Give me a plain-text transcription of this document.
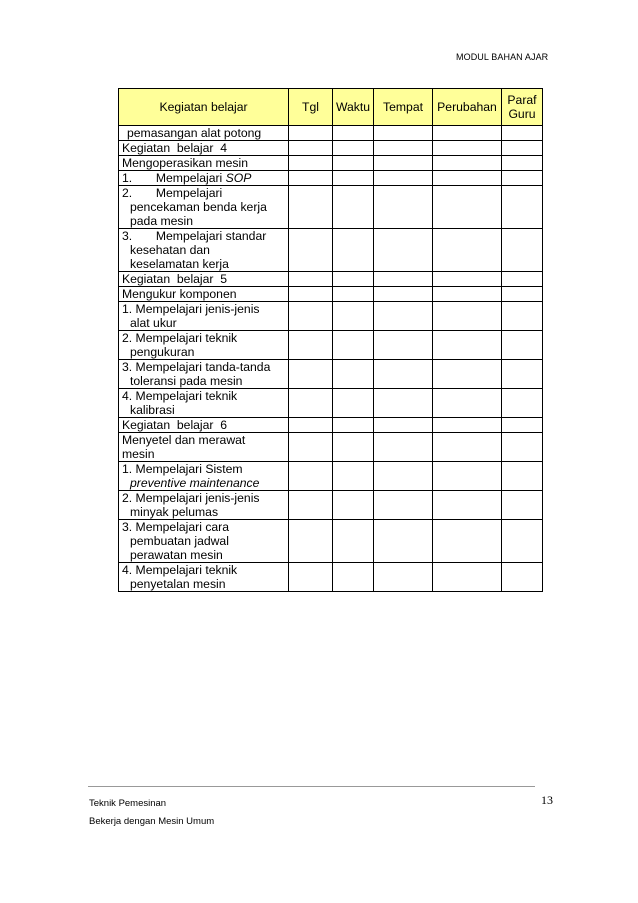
MODUL BAHAN AJAR
Kegiatan belajar	Tgl	Waktu	Tempat	Perubahan	Paraf
Guru

pemasangan alat potong					

Kegiatan  belajar  4					

Mengoperasikan mesin					

1.       Mempelajari SOP					

2.       Mempelajari
pencekaman benda kerja
pada mesin					

3.       Mempelajari standar
kesehatan dan
keselamatan kerja					

Kegiatan  belajar  5					

Mengukur komponen					

1. Mempelajari jenis-jenis
alat ukur					

2. Mempelajari teknik
pengukuran					

3. Mempelajari tanda-tanda
toleransi pada mesin					

4. Mempelajari teknik
kalibrasi					

Kegiatan  belajar  6					

Menyetel dan merawat
mesin					

1. Mempelajari Sistem
preventive maintenance					

2. Mempelajari jenis-jenis
minyak pelumas					

3. Mempelajari cara
pembuatan jadwal
perawatan mesin					

4. Mempelajari teknik
penyetalan mesin					

Teknik Pemesinan
Bekerja dengan Mesin Umum
13
